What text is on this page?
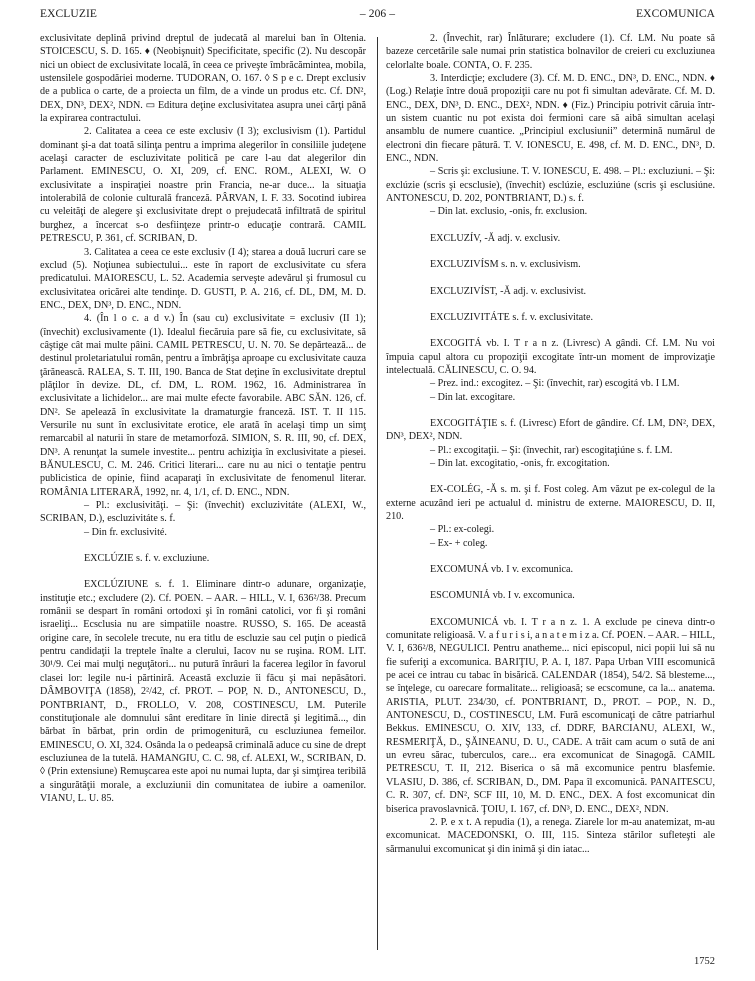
EXCLUZIE	– 206 –	EXCOMUNICA

exclusivitate deplină privind dreptul de judecată al marelui ban în Oltenia. STOICESCU, S. D. 165. ♦ (Neobişnuit) Specificitate, specific (2). Nu descopăr nici un obiect de exclusivitate locală, în ceea ce priveşte îmbrăcămintea, mobila, ustensilele gospodăriei moderne. TUDORAN, O. 167. ◊ S p e c. Drept exclusiv de a publica o carte, de a proiecta un film, de a vinde un produs etc. Cf. DN², DEX, DN³, DEX², NDN. ▭ Editura deţine exclusivitatea asupra unei cărţi până la expirarea contractului.

2. Calitatea a ceea ce este exclusiv (I 3); exclusivism (1). Partidul dominant şi-a dat toată silinţa pentru a imprima alegerilor în consiliile judeţene acelaşi caracter de escluzivitate politică pe care l-au dat alegerilor din Parlament. EMINESCU, O. XI, 209, cf. ENC. ROM., ALEXI, W. O exclusivitate a inspiraţiei noastre prin Francia, ne-ar duce... la situaţia intolerabilă de colonie culturală franceză. PÂRVAN, I. F. 33. Socotind iubirea cu veleităţi de alegere şi exclusivitate drept o prejudecată infiltrată de spiritul burghez, a încercat s-o desfiinţeze printr-o educaţie contrară. CAMIL PETRESCU, P. 361, cf. SCRIBAN, D.

3. Calitatea a ceea ce este exclusiv (I 4); starea a două lucruri care se exclud (5). Noţiunea subiectului... este în raport de exclusivitate cu sfera predicatului. MAIORESCU, L. 52. Academia serveşte adevărul şi frumosul cu exclusivitatea oricărei alte tendinţe. D. GUSTI, P. A. 216, cf. DL, DM, M. D. ENC., DEX, DN³, D. ENC., NDN.

4. (În l o c. a d v.) În (sau cu) exclusivitate = exclusiv (II 1); (învechit) exclusivamente (1). Idealul fiecăruia pare să fie, cu exclusivitate, să câştige cât mai multe pâini. CAMIL PETRESCU, U. N. 70. Se depărtează... de destinul proletariatului român, pentru a îmbrăţişa aproape cu exclusivitate cauza ţărănească. RALEA, S. T. III, 190. Banca de Stat deţine în exclusivitate dreptul plăţilor în devize. DL, cf. DM, L. ROM. 1962, 16. Administrarea în exclusivitate a lichidelor... are mai multe efecte favorabile. ABC SĂN. 126, cf. DN². Se apelează în exclusivitate la dramaturgie franceză. IST. T. II 115. Versurile nu sunt în exclusivitate erotice, ele arată în acelaşi timp un simţ remarcabil al naturii în stare de metamorfoză. SIMION, S. R. III, 90, cf. DEX, DN³. A renunţat la sumele investite... pentru achiziţia în exclusivitate a piesei. BĂNULESCU, C. M. 246. Critici literari... care nu au nici o tentaţie pentru publicistica de opinie, fiind acaparaţi în exclusivitate de fenomenul literar. ROMÂNIA LITERARĂ, 1992, nr. 4, 1/1, cf. D. ENC., NDN.

– Pl.: exclusivităţi. – Şi: (învechit) excluzivitáte (ALEXI, W., SCRIBAN, D.), escluzivitáte s. f.

– Din fr. exclusivité.

EXCLÚZIE s. f. v. excluziune.

EXCLÚZIUNE s. f. 1. Eliminare dintr-o adunare, organizaţie, instituţie etc.; excludere (2). Cf. POEN. – AAR. – HILL, V. I, 636²/38. Precum românii se despart în români ortodoxi şi în români catolici, vor fi şi români israeliţi... Ecsclusia nu are simpatiile noastre. RUSSO, S. 165. De această origine care, în secolele trecute, nu era titlu de escluzie sau cel puţin o piedică pentru candidaţii la treptele înalte a clerului, Iacov nu se ruşina. ROM. LIT. 30¹/9. Cei mai mulţi neguţători... nu putură înrâuri la facerea legilor în favorul clasei lor: legile nu-i părtiniră. Această excluzie îi făcu şi mai nepăsători. DÂMBOVIŢA (1858), 2²/42, cf. PROT. – POP, N. D., ANTONESCU, D., PONTBRIANT, D., FROLLO, V. 208, COSTINESCU, LM. Puterile constituţionale ale domnului sânt ereditare în linie directă şi legitimă..., din bărbat în bărbat, prin ordin de primogenitură, cu escluziunea femeilor. EMINESCU, O. XI, 324. Osânda la o pedeapsă criminală aduce cu sine de drept escluziunea de la tutelă. HAMANGIU, C. C. 98, cf. ALEXI, W., SCRIBAN, D. ◊ (Prin extensiune) Remuşcarea este apoi nu numai lupta, dar şi simţirea teribilă a singurătăţii morale, a excluziunii din comunitatea de iubire a oamenilor. VIANU, L. U. 85.

2. (Învechit, rar) Înlăturare; excludere (1). Cf. LM. Nu poate să bazeze cercetările sale numai prin statistica bolnavilor de creieri cu excluziunea celorlalte boale. CONTA, O. F. 235.

3. Interdicţie; excludere (3). Cf. M. D. ENC., DN³, D. ENC., NDN. ♦ (Log.) Relaţie între două propoziţii care nu pot fi simultan adevărate. Cf. M. D. ENC., DEX, DN³, D. ENC., DEX², NDN. ♦ (Fiz.) Principiu potrivit căruia într-un sistem cuantic nu pot exista doi fermioni care să aibă simultan acelaşi ansamblu de numere cuantice. „Principiul exclusiunii” determină numărul de electroni din fiecare pătură. T. V. IONESCU, E. 498, cf. M. D. ENC., DN³, D. ENC., NDN.

– Scris şi: exclusiune. T. V. IONESCU, E. 498. – Pl.: excluziuni. – Şi: exclúzie (scris şi ecsclusie), (învechit) esclúzie, escluziúne (scris şi esclusiúne. ANTONESCU, D. 202, PONTBRIANT, D.) s. f.

– Din lat. exclusio, -onis, fr. exclusion.

EXCLUZÍV, -Ă adj. v. exclusiv.

EXCLUZIVÍSM s. n. v. exclusivism.

EXCLUZIVÍST, -Ă adj. v. exclusivist.

EXCLUZIVITÁTE s. f. v. exclusivitate.

EXCOGITÁ vb. I. T r a n z. (Livresc) A gândi. Cf. LM. Nu voi împuia capul altora cu propoziţii excogitate într-un moment de improvizaţie intelectuală. CĂLINESCU, C. O. 94.

– Prez. ind.: excogitez. – Şi: (învechit, rar) escogitá vb. I LM.

– Din lat. excogitare.

EXCOGITÁŢIE s. f. (Livresc) Efort de gândire. Cf. LM, DN², DEX, DN³, DEX², NDN.

– Pl.: excogitaţii. – Şi: (învechit, rar) escogitaţiúne s. f. LM.

– Din lat. excogitatio, -onis, fr. excogitation.

EX-COLÉG, -Ă s. m. şi f. Fost coleg. Am văzut pe ex-colegul de la externe acuzând ieri pe actualul d. ministru de externe. MAIORESCU, D. II, 210.

– Pl.: ex-colegi.

– Ex- + coleg.

EXCOMUNÁ vb. I v. excomunica.

ESCOMUNIÁ vb. I v. excomunica.

EXCOMUNICÁ vb. I. T r a n z. 1. A exclude pe cineva dintr-o comunitate religioasă. V. a f u r i s i, a n a t e m i z a. Cf. POEN. – AAR. – HILL, V. I, 636²/8, NEGULICI. Pentru anatheme... nici episcopul, nici popii lui să nu fie suferiţi a excomunica. BARIŢIU, P. A. I, 187. Papa Urban VIII escomunică pe acei ce intrau cu tabac în bisărică. CALENDAR (1854), 54/2. Să blesteme..., se înţelege, cu oarecare formalitate... religioasă; se ecscomune, ca la... anatema. ARISTIA, PLUT. 234/30, cf. PONTBRIANT, D., PROT. – POP., N. D., ANTONESCU, D., COSTINESCU, LM. Fură escomunicaţi de către patriarhul Bekkus. EMINESCU, O. XIV, 133, cf. DDRF, BARCIANU, ALEXI, W., RESMERIŢĂ, D., ŞĂINEANU, D. U., CADE. A trăit cam acum o sută de ani un evreu sărac, tuberculos, care... era excomunicat de Sinagogă. CAMIL PETRESCU, T. II, 212. Biserica o să mă excomunice pentru blasfemie. VLASIU, D. 386, cf. SCRIBAN, D., DM. Papa îl excomunică. PANAITESCU, C. R. 307, cf. DN², SCF III, 10, M. D. ENC., DEX. A fost excomunicat din biserica pravoslavnică. ŢOIU, I. 167, cf. DN³, D. ENC., DEX², NDN.

2. P. e x t. A repudia (1), a renega. Ziarele lor m-au anatemizat, m-au excomunicat. MACEDONSKI, O. III, 115. Sinteza stărilor sufleteşti ale sărmanului excomunicat şi din inimă şi din iatac...

1752
